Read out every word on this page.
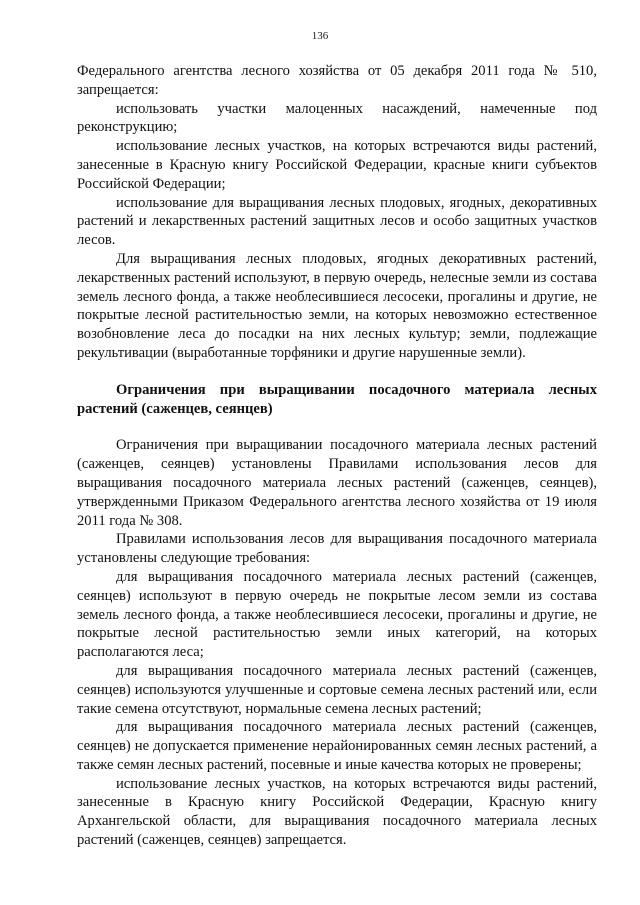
136

Федерального агентства лесного хозяйства от 05 декабря 2011 года № 510, запрещается:

использовать участки малоценных насаждений, намеченные под реконструкцию;

использование лесных участков, на которых встречаются виды растений, занесенные в Красную книгу Российской Федерации, красные книги субъектов Российской Федерации;

использование для выращивания лесных плодовых, ягодных, декоративных растений и лекарственных растений защитных лесов и особо защитных участков лесов.

Для выращивания лесных плодовых, ягодных декоративных растений, лекарственных растений используют, в первую очередь, нелесные земли из состава земель лесного фонда, а также необлесившиеся лесосеки, прогалины и другие, не покрытые лесной растительностью земли, на которых невозможно естественное возобновление леса до посадки на них лесных культур; земли, подлежащие рекультивации (выработанные торфяники и другие нарушенные земли).

Ограничения при выращивании посадочного материала лесных растений (саженцев, сеянцев)

Ограничения при выращивании посадочного материала лесных растений (саженцев, сеянцев) установлены Правилами использования лесов для выращивания посадочного материала лесных растений (саженцев, сеянцев), утвержденными Приказом Федерального агентства лесного хозяйства от 19 июля 2011 года № 308.

Правилами использования лесов для выращивания посадочного материала установлены следующие требования:

для выращивания посадочного материала лесных растений (саженцев, сеянцев) используют в первую очередь не покрытые лесом земли из состава земель лесного фонда, а также необлесившиеся лесосеки, прогалины и другие, не покрытые лесной растительностью земли иных категорий, на которых располагаются леса;

для выращивания посадочного материала лесных растений (саженцев, сеянцев) используются улучшенные и сортовые семена лесных растений или, если такие семена отсутствуют, нормальные семена лесных растений;

для выращивания посадочного материала лесных растений (саженцев, сеянцев) не допускается применение нерайонированных семян лесных растений, а также семян лесных растений, посевные и иные качества которых не проверены;

использование лесных участков, на которых встречаются виды растений, занесенные в Красную книгу Российской Федерации, Красную книгу Архангельской области, для выращивания посадочного материала лесных растений (саженцев, сеянцев) запрещается.
